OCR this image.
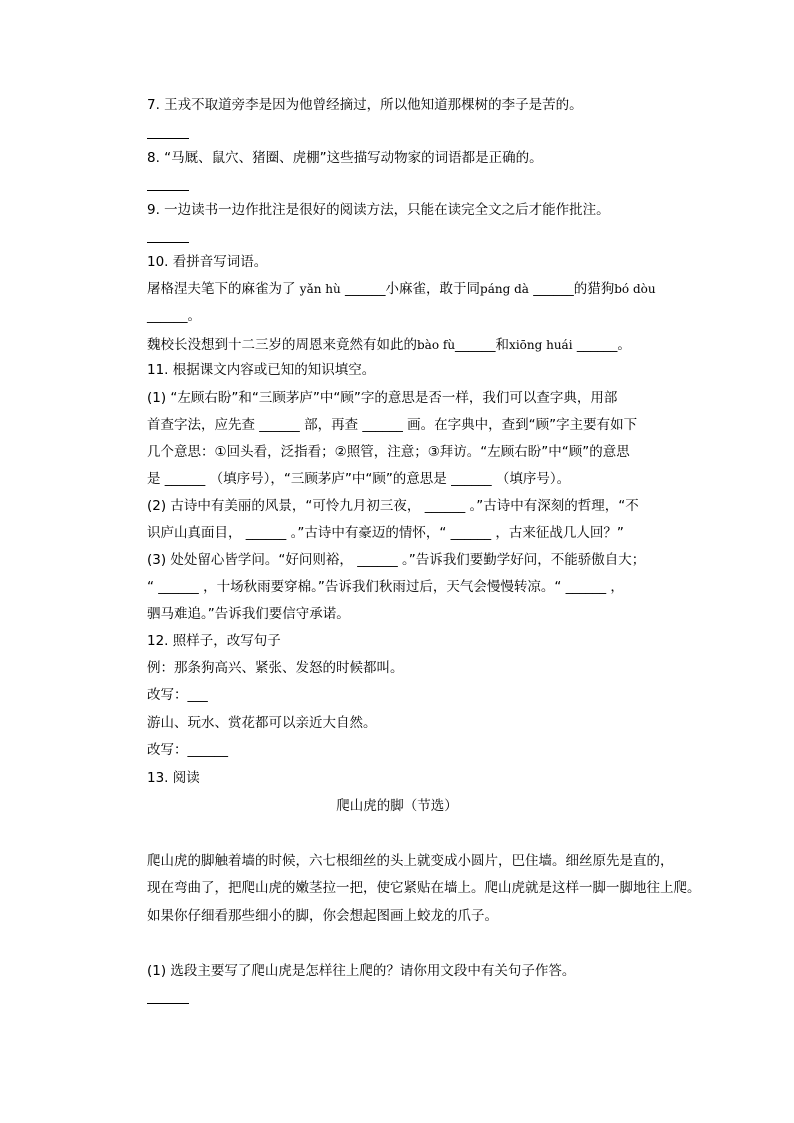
7. 王戎不取道旁李是因为他曾经摘过，所以他知道那棵树的李子是苦的。
8. “马厩、鼠穴、猪圈、虎棚”这些描写动物家的词语都是正确的。
9. 一边读书一边作批注是很好的阅读方法，只能在读完全文之后才能作批注。
10. 看拼音写词语。
屠格涅夫笔下的麻雀为了 yǎn hù ______小麻雀，敢于同páng dà ______的猎狗bó dòu
______。
魏校长没想到十二三岁的周恩来竟然有如此的bào fù______和xiōng huái ______。
11. 根据课文内容或已知的知识填空。
(1) “左顾右盼”和“三顾茅庐”中“顾”字的意思是否一样，我们可以查字典，用部
首查字法，应先查 ______ 部，再查 ______ 画。在字典中，查到“顾”字主要有如下
几个意思：①回头看，泛指看；②照管，注意；③拜访。“左顾右盼”中“顾”的意思
是 ______ （填序号），“三顾茅庐”中“顾”的意思是 ______ （填序号）。
(2) 古诗中有美丽的风景，“可怜九月初三夜， ______ 。”古诗中有深刻的哲理，“不
识庐山真面目， ______ 。”古诗中有豪迈的情怀，“ ______ ，古来征战几人回？”
(3) 处处留心皆学问。“好问则裕， ______ 。”告诉我们要勤学好问，不能骄傲自大；
“ ______ ，十场秋雨要穿棉。”告诉我们秋雨过后，天气会慢慢转凉。“ ______ ，
驷马难追。”告诉我们要信守承诺。
12. 照样子，改写句子
例：那条狗高兴、紧张、发怒的时候都叫。
改写：___
游山、玩水、赏花都可以亲近大自然。
改写：______
13. 阅读
爬山虎的脚（节选）
爬山虎的脚触着墙的时候，六七根细丝的头上就变成小圆片，巴住墙。细丝原先是直的，
现在弯曲了，把爬山虎的嫩茎拉一把，使它紧贴在墙上。爬山虎就是这样一脚一脚地往上爬。
如果你仔细看那些细小的脚，你会想起图画上蛟龙的爪子。
(1) 选段主要写了爬山虎是怎样往上爬的？请你用文段中有关句子作答。
